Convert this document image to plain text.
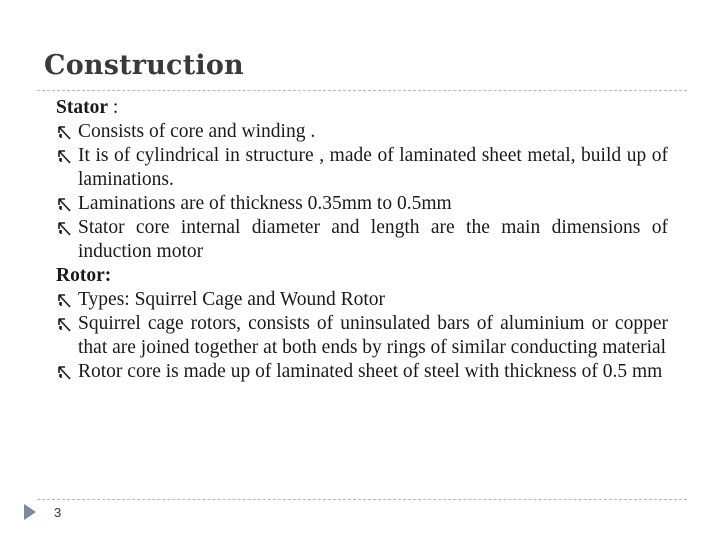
Construction
Stator :
Consists of core and winding .
It is of cylindrical in structure , made of laminated sheet metal, build up of laminations.
Laminations are of thickness 0.35mm to 0.5mm
Stator core internal diameter and length are the main dimensions of induction motor
Rotor:
Types: Squirrel Cage and Wound Rotor
Squirrel cage rotors, consists of uninsulated bars of aluminium or copper that are joined together at both ends by rings of similar conducting material
Rotor core is made up of laminated sheet of steel with thickness of 0.5 mm
3
